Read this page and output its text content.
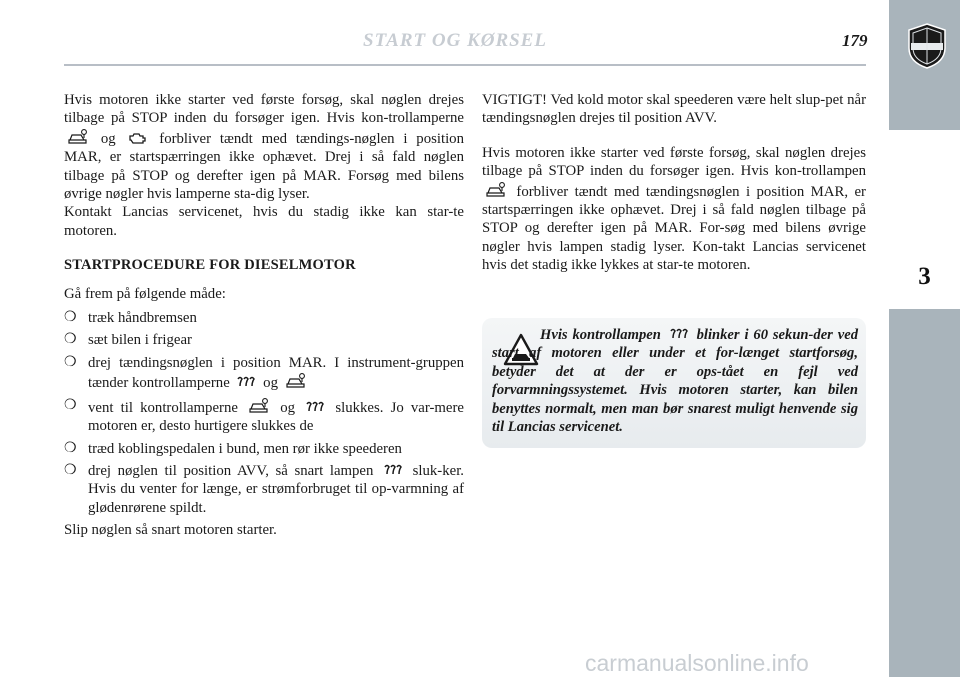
START OG KØRSEL	179
3

Hvis motoren ikke starter ved første forsøg, skal nøglen drejes tilbage på STOP inden du forsøger igen. Hvis kon-trollamperne  og  forbliver tændt med tændings-nøglen i position MAR, er startspærringen ikke ophævet. Drej i så fald nøglen tilbage på STOP og derefter igen på MAR. Forsøg med bilens øvrige nøgler hvis lamperne sta-dig lyser.

Kontakt Lancias servicenet, hvis du stadig ikke kan star-te motoren.

STARTPROCEDURE FOR DIESELMOTOR

Gå frem på følgende måde:

❍ træk håndbremsen
❍ sæt bilen i frigear
❍ drej tændingsnøglen i position MAR. I instrument-gruppen tænder kontrollamperne  og
❍ vent til kontrollamperne  og  slukkes. Jo var-mere motoren er, desto hurtigere slukkes de
❍ træd koblingspedalen i bund, men rør ikke speederen
❍ drej nøglen til position AVV, så snart lampen  sluk-ker. Hvis du venter for længe, er strømforbruget til op-varmning af glødenrørene spildt.

Slip nøglen så snart motoren starter.

VIGTIGT! Ved kold motor skal speederen være helt slup-pet når tændingsnøglen drejes til position AVV.

Hvis motoren ikke starter ved første forsøg, skal nøglen drejes tilbage på STOP inden du forsøger igen. Hvis kon-trollampen  forbliver tændt med tændingsnøglen i position MAR, er startspærringen ikke ophævet. Drej i så fald nøglen tilbage på STOP og derefter igen på MAR. For-søg med bilens øvrige nøgler hvis lampen stadig lyser. Kon-takt Lancias servicenet hvis det stadig ikke lykkes at star-te motoren.

Hvis kontrollampen  blinker i 60 sekun-der ved start af motoren eller under et for-længet startforsøg, betyder det at der er ops-tået en fejl ved forvarmningssystemet. Hvis motoren starter, kan bilen benyttes normalt, men man bør snarest muligt henvende sig til Lancias servicenet.
carmanualsonline.info
